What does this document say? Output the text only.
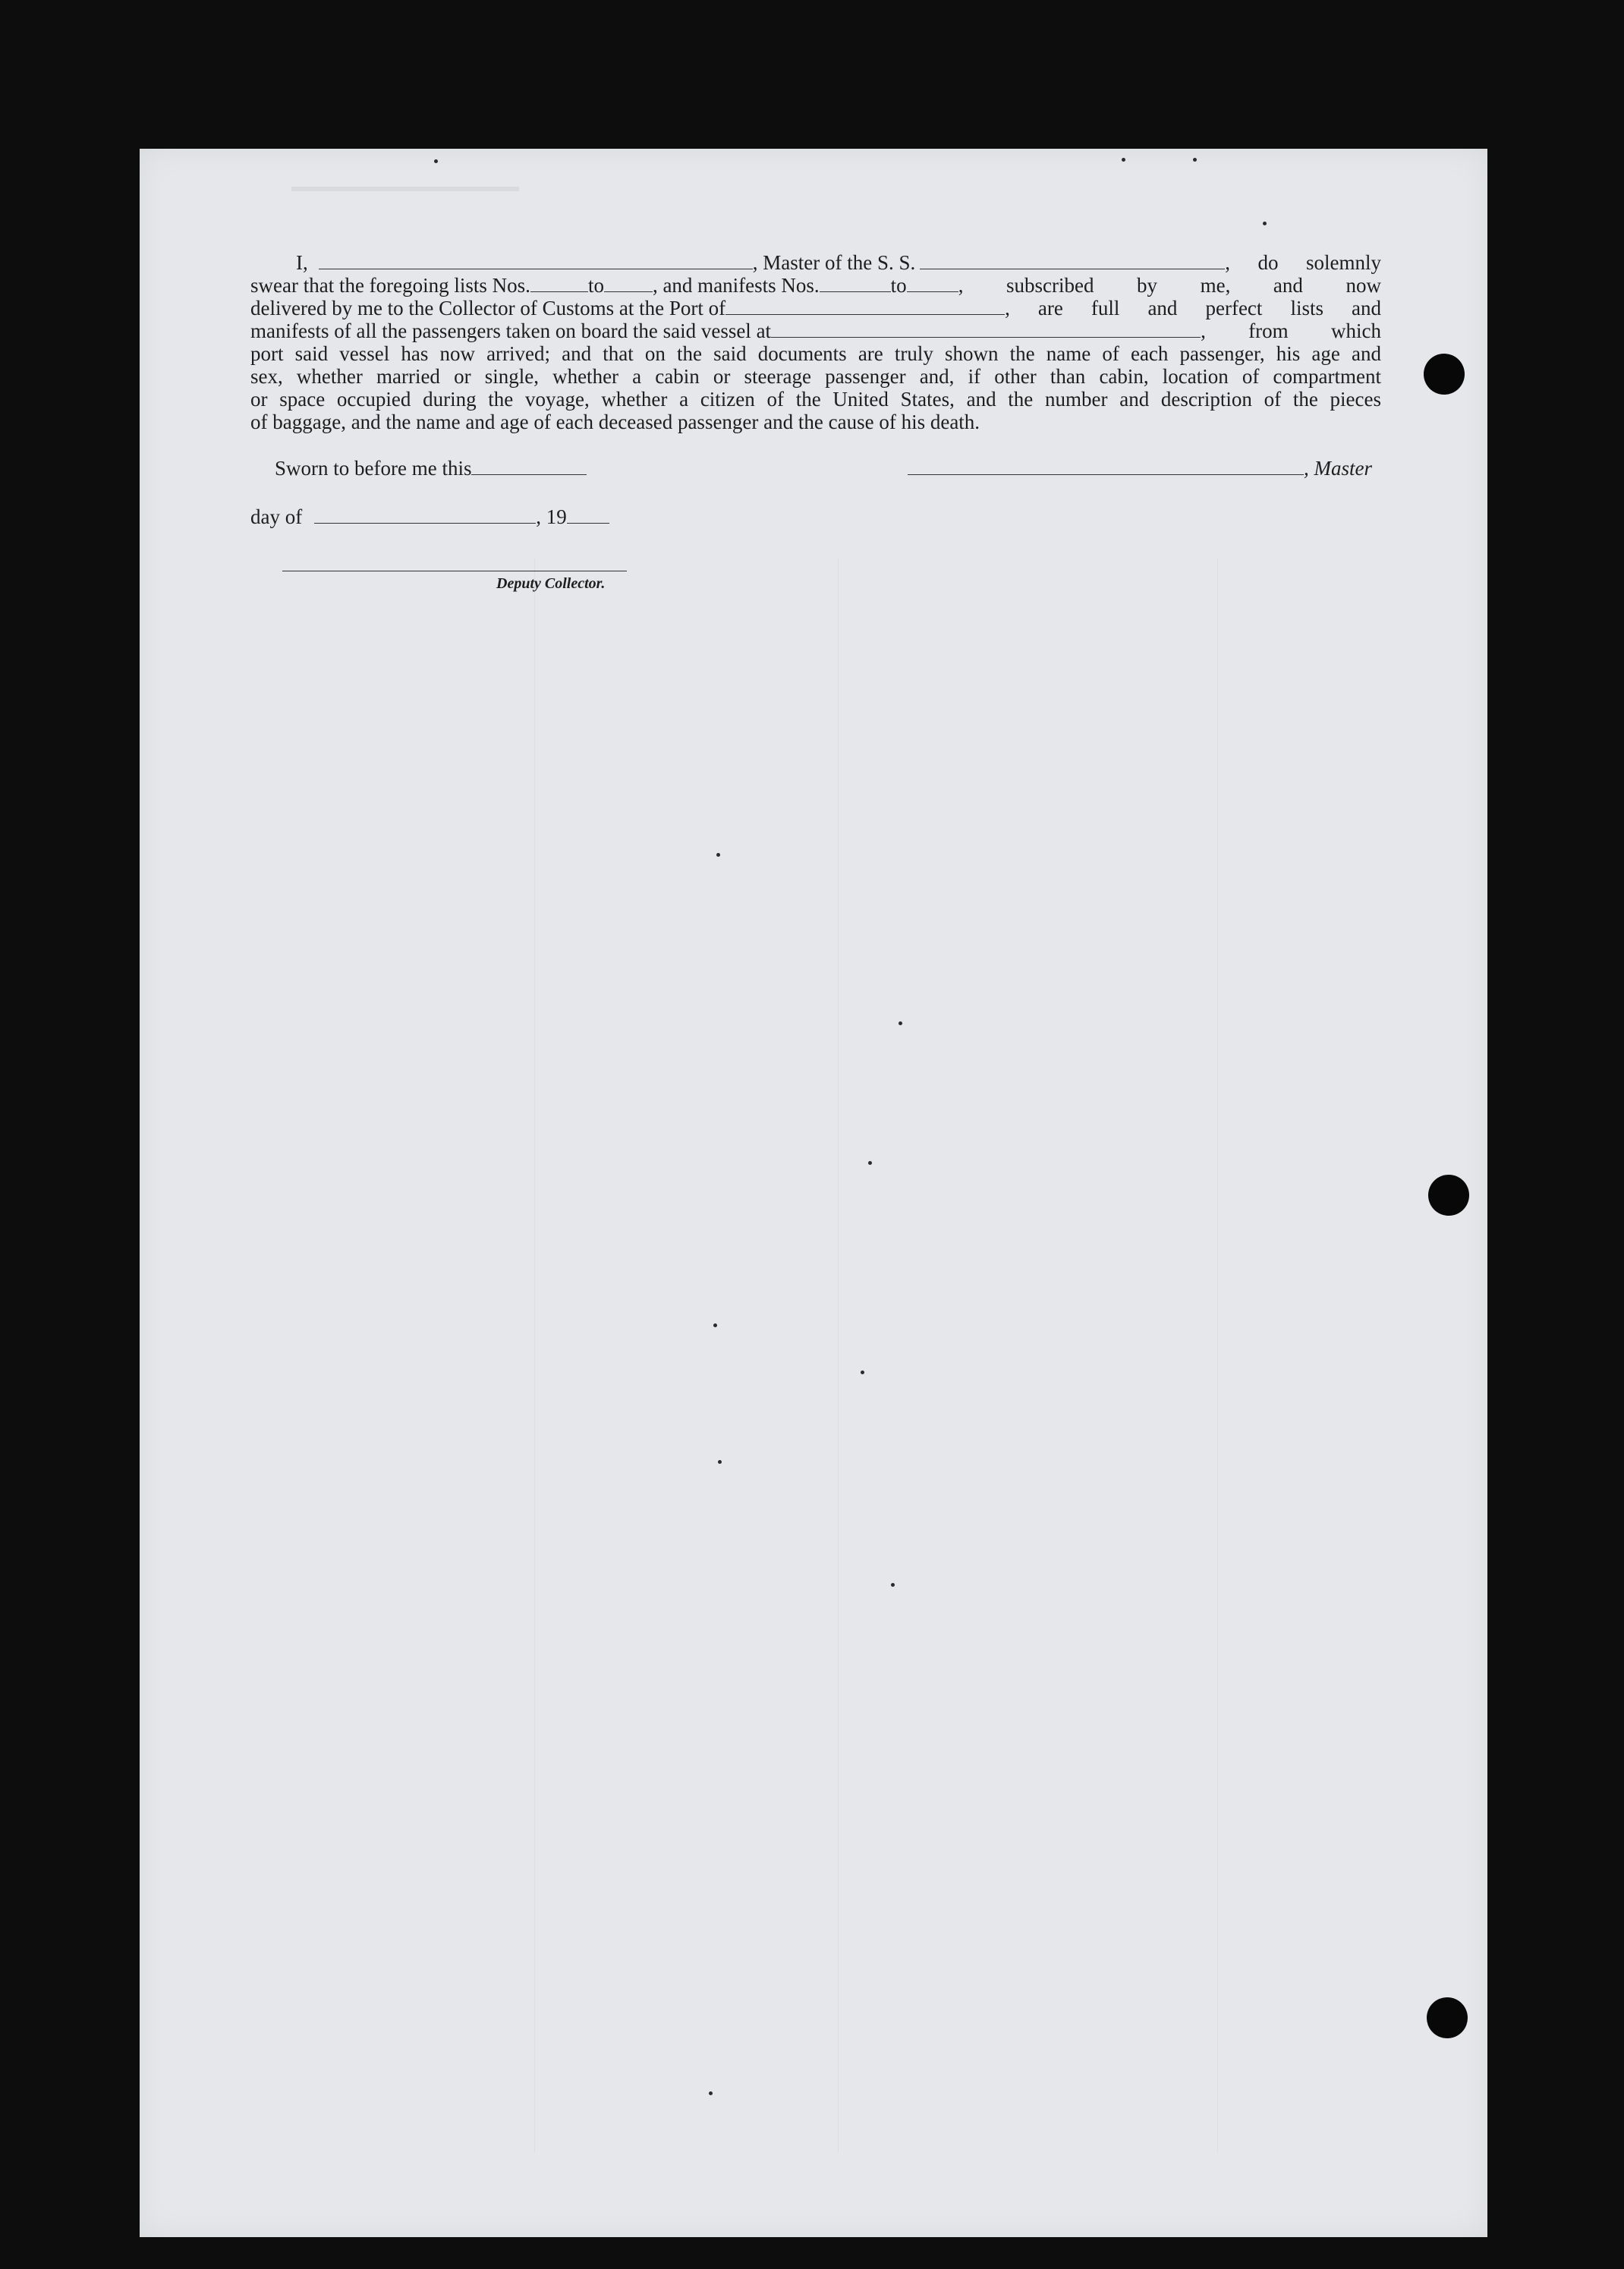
I,	, Master of the S. S.	, do solemnly
swear that the foregoing lists Nos.	to , and manifests Nos.	to	, subscribed by me, and now
delivered by me to the Collector of Customs at the Port of	, are full and perfect lists and
manifests of all the passengers taken on board the said vessel at	, from which
port said vessel has now arrived; and that on the said documents are truly shown the name of each passenger, his age and
sex, whether married or single, whether a cabin or steerage passenger and, if other than cabin, location of compartment
or space occupied during the voyage, whether a citizen of the United States, and the number and description of the pieces
of baggage, and the name and age of each deceased passenger and the cause of his death.
Sworn to before me this	, Master
day of	, 19
Deputy Collector.
